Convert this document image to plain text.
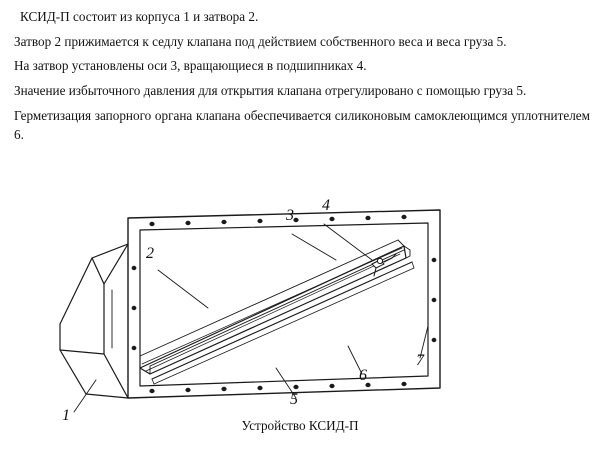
КСИД-П состоит из корпуса 1 и затвора 2.

Затвор 2 прижимается к седлу клапана под действием собственного веса и веса груза 5.

На затвор установлены оси 3, вращающиеся в подшипниках 4.

Значение избыточного давления для открытия клапана отрегулировано с помощью груза 5.

Герметизация запорного органа клапана обеспечивается силиконовым самоклеющимся уплотнителем 6.

1
2
3
4
5
6
7
Устройство КСИД-П
